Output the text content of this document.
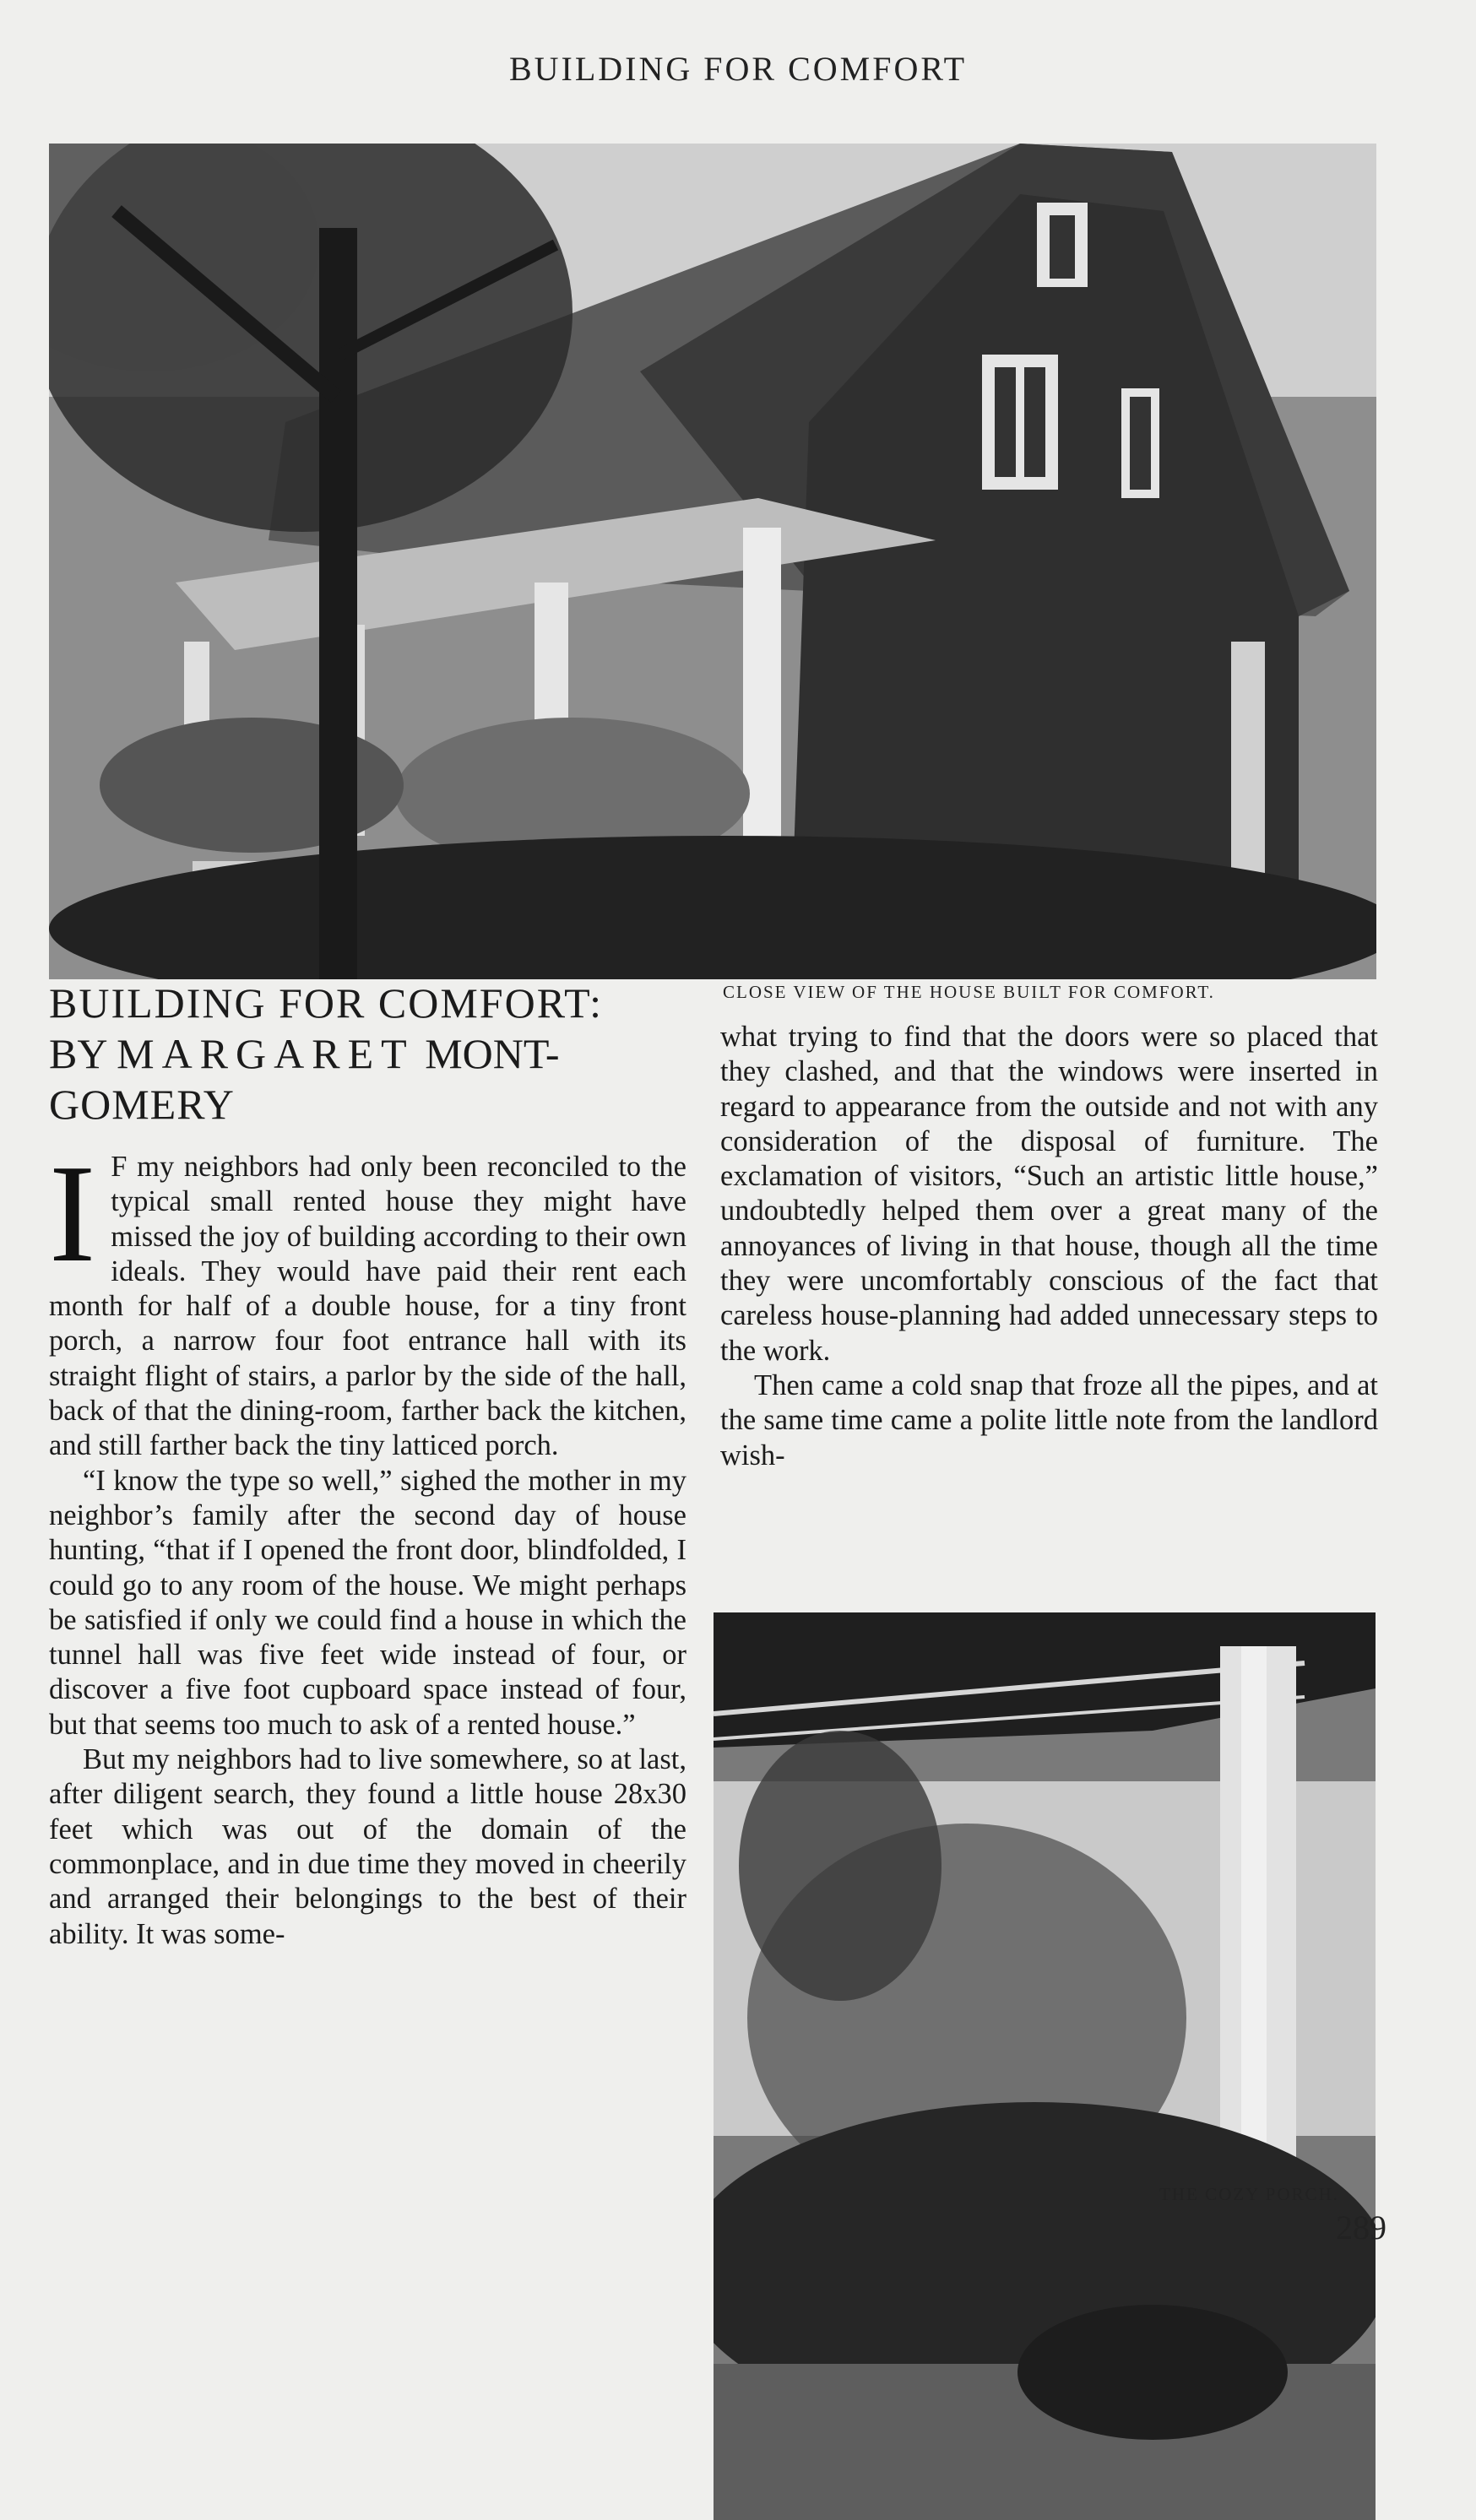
BUILDING FOR COMFORT
CLOSE VIEW OF THE HOUSE BUILT FOR COMFORT.
BUILDING FOR COMFORT:
BY MARGARET MONT-
GOMERY

I F my neighbors had only been reconciled to the typical small rented house they might have missed the joy of building according to their own ideals. They would have paid their rent each month for half of a double house, for a tiny front porch, a narrow four foot entrance hall with its straight flight of stairs, a parlor by the side of the hall, back of that the dining-room, farther back the kitchen, and still farther back the tiny latticed porch.

“I know the type so well,” sighed the mother in my neighbor’s family after the second day of house hunting, “that if I opened the front door, blindfolded, I could go to any room of the house. We might perhaps be satisfied if only we could find a house in which the tunnel hall was five feet wide instead of four, or discover a five foot cupboard space instead of four, but that seems too much to ask of a rented house.”

But my neighbors had to live somewhere, so at last, after diligent search, they found a little house 28x30 feet which was out of the domain of the commonplace, and in due time they moved in cheerily and arranged their belongings to the best of their ability. It was some-

what trying to find that the doors were so placed that they clashed, and that the windows were inserted in regard to appearance from the outside and not with any consideration of the disposal of furniture. The exclamation of visitors, “Such an artistic little house,” undoubtedly helped them over a great many of the annoyances of living in that house, though all the time they were uncomfortably conscious of the fact that careless house-planning had added unnecessary steps to the work.

Then came a cold snap that froze all the pipes, and at the same time came a polite little note from the landlord wish-

THE COZY PORCH.
289
